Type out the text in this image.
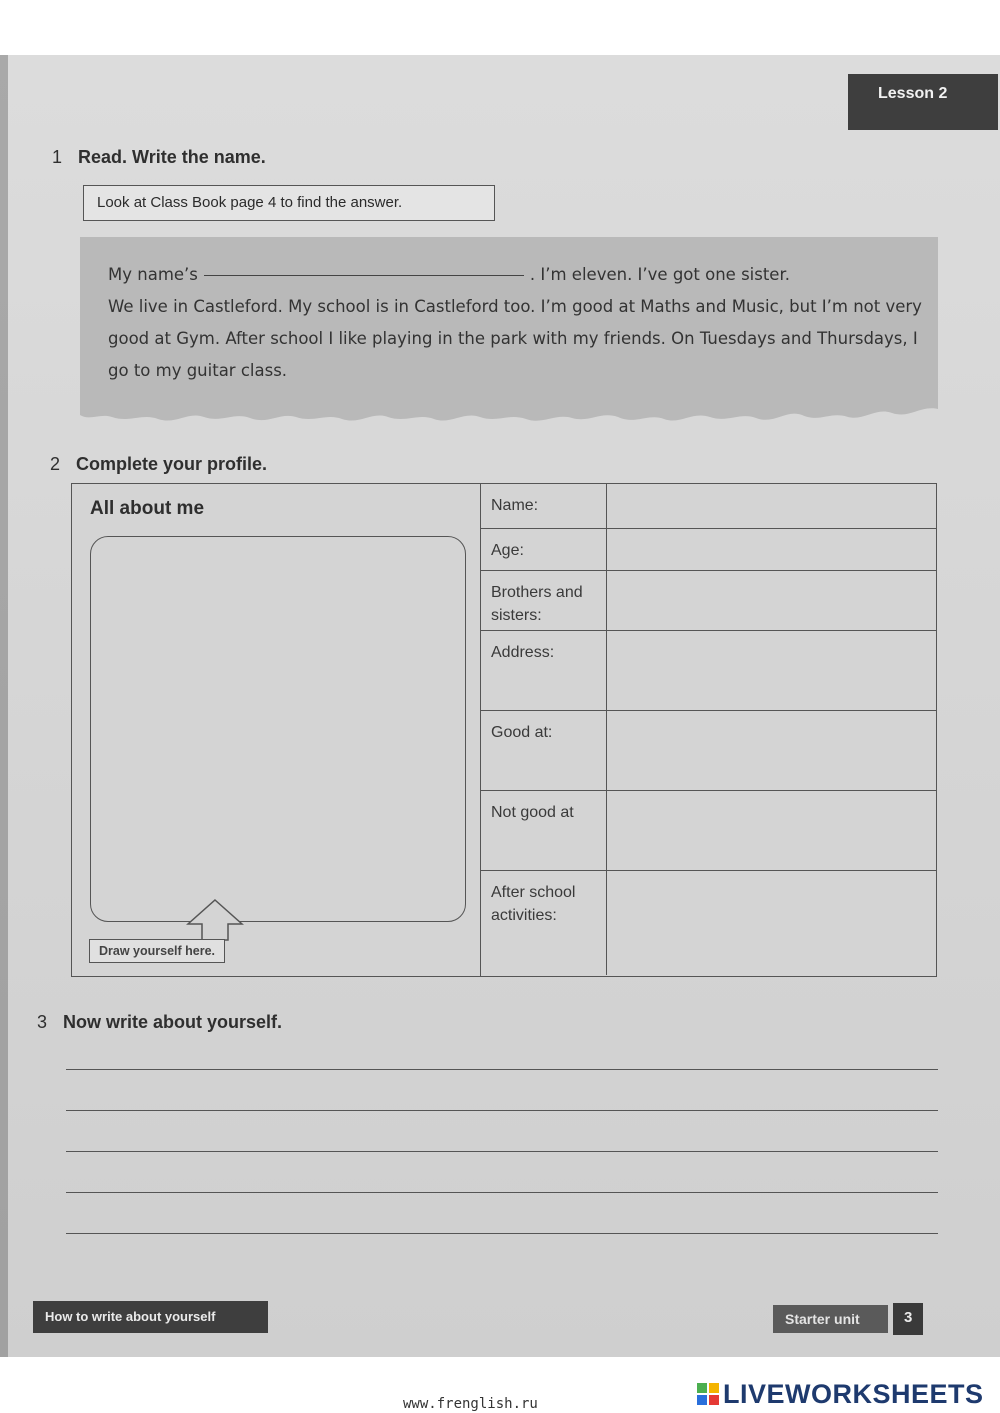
Lesson 2
1 Read. Write the name.
Look at Class Book page 4 to find the answer.
My name’s	. I’m eleven. I’ve got one sister.
We live in Castleford. My school is in Castleford too. I’m good at Maths and Music, but I’m not very good at Gym. After school I like playing in the park with my friends. On Tuesdays and Thursdays, I go to my guitar class.
2 Complete your profile.
All about me
Draw yourself here.
Name:
Age:
Brothers and sisters:
Address:
Good at:
Not good at
After school activities:
3 Now write about yourself.
How to write about yourself	Starter unit	3
www.frenglish.ru	LIVEWORKSHEETS
